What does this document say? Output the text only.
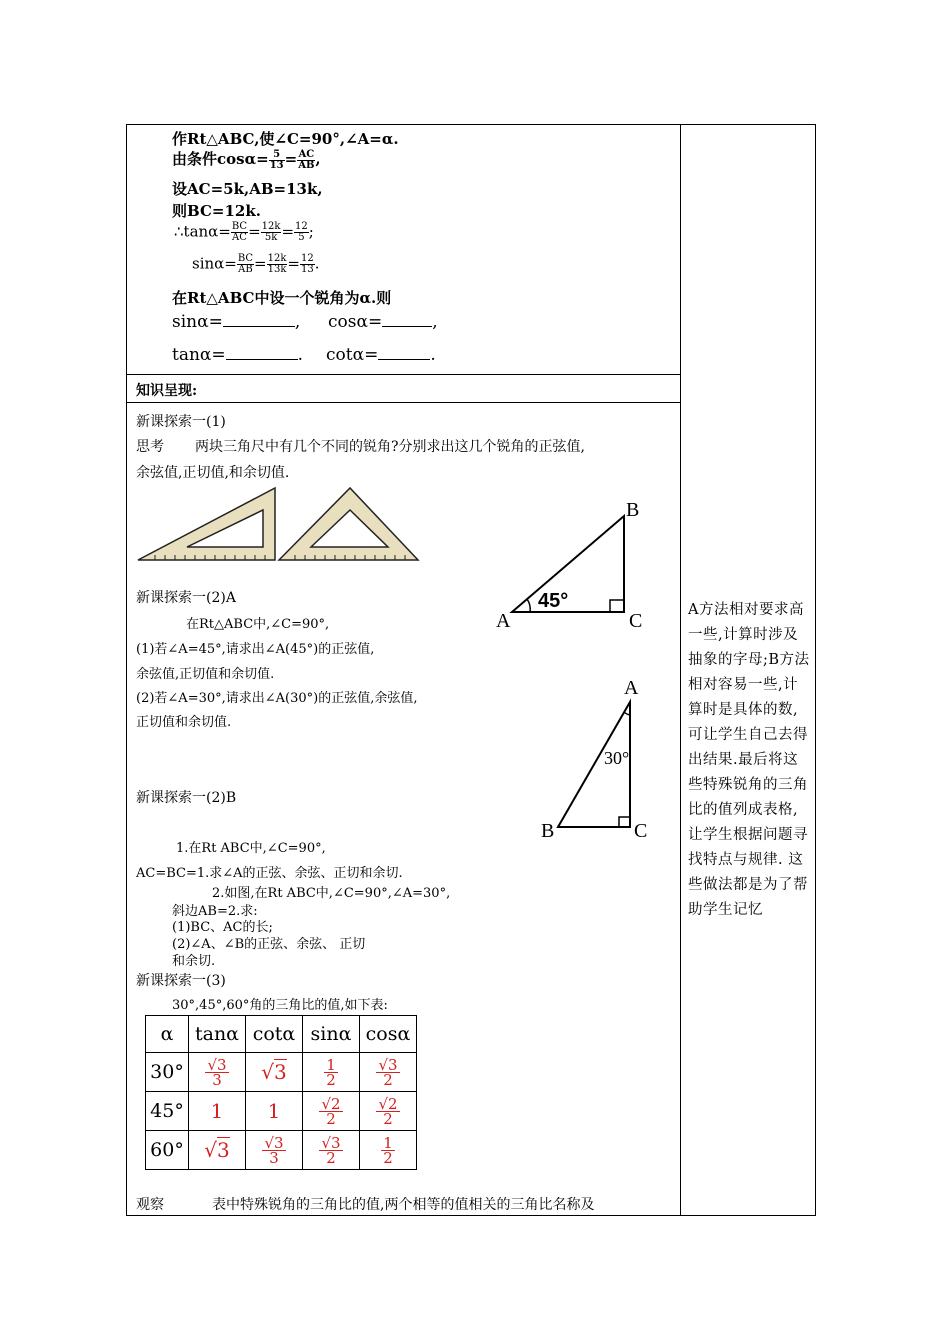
作Rt△ABC,使∠C=90°,∠A=α.
由条件$\cos\alpha= \frac{5}{13} = \frac{AC}{AB}$ ,
设AC=5k,AB=13k,
则BC=12k.
∴tanα= $\frac{BC}{AC} = \frac{12k}{5k} = \frac{12}{5}$ ;
$\sin\alpha= \frac{BC}{AB} = \frac{12k}{13k} = \frac{12}{13}$ .
在Rt△ABC中设一个锐角为α.则
sinα=	, cosα=	,
tanα=	. cotα=	.
知识呈现:
新课探索一(1)
思考 两块三角尺中有几个不同的锐角?分别求出这几个锐角的正弦值,
余弦值,正切值,和余切值.
A
B
C
45°
新课探索一(2)A
在Rt△ABC中,∠C=90°,
(1)若∠A=45°,请求出∠A(45°)的正弦值,
余弦值,正切值和余切值.
(2)若∠A=30°,请求出∠A(30°)的正弦值,余弦值,
正切值和余切值.
A
B	C
30°
新课探索一(2)B
1.在Rt ABC中,∠C=90°,
AC=BC=1.求∠A的正弦、余弦、正切和余切.
2.如图,在Rt ABC中,∠C=90°,∠A=30°,
斜边AB=2.求:
(1)BC、AC的长;
(2)∠A、∠B的正弦、余弦、 正切
和余切.
新课探索一(3)
30°,45°,60°角的三角比的值,如下表:
α	tanα	cotα	sinα	cosα
30°	$\frac{√3}{3}$	√3	$\frac{1}{2}$	$\frac{√3}{2}$

45°	1	1	$\frac{√2}{2}$	$\frac{√2}{2}$

60°	√3	$\frac{√3}{3}$	$\frac{√3}{2}$	$\frac{1}{2}$
观察	表中特殊锐角的三角比的值,两个相等的值相关的三角比名称及
A方法相对要求高一些,计算时涉及抽象的字母;B方法相对容易一些,计算时是具体的数,可让学生自己去得出结果.最后将这些特殊锐角的三角比的值列成表格,让学生根据问题寻找特点与规律. 这些做法都是为了帮助学生记忆
